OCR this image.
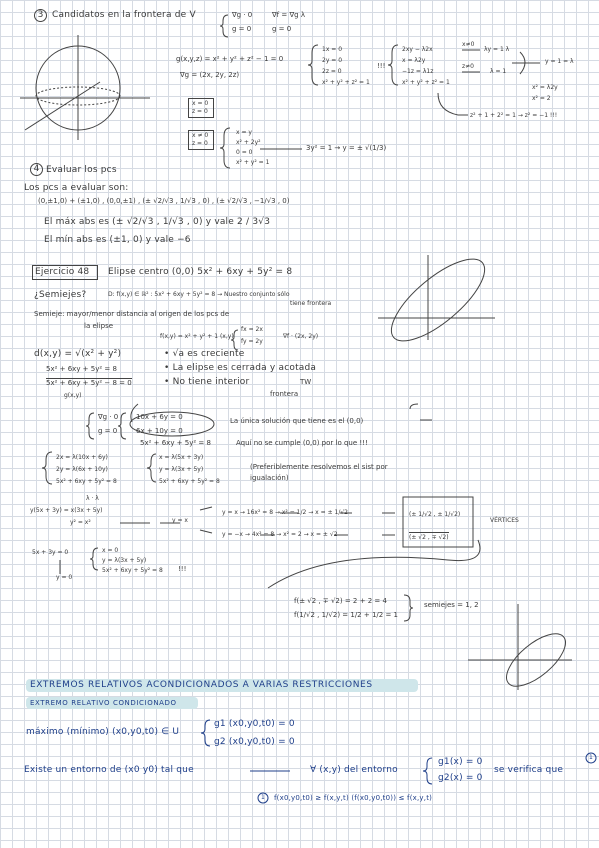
3 Candidatos en la frontera de V	∇g · 0
g = 0
∇f = ∇g λ
g = 0
g(x,y,z) = x² + y² + z² − 1 = 0
∇g = (2x, 2y, 2z)
1x = 0
2y = 0
2z = 0
x² + y² + z² = 1
!!!
2xy − λ2x
x = λ2y
−1z = λ1z
x² + y² + z² = 1
x≠0
z≠0
λy = 1 λ
λ = 1
y = 1 = λ
x² = λ2y
x² = 2
z² + 1 + 2² = 1 → z² = −1 !!!
x = 0
z = 0
x ≠ 0
z = 0
x = y
x² + 2y²
0 = 0
x² + y² = 1
3y² = 1 → y = ± √(1/3)
4 Evaluar los pcs
Los pcs a evaluar son:
(0,±1,0) + (±1,0) , (0,0,±1) , (± √2/√3 , 1/√3 , 0) , (± √2/√3 , −1/√3 , 0)
El máx abs es (± √2/√3 , 1/√3 , 0) y vale 2 / 3√3
El mín abs es (±1, 0) y vale −6
Ejercicio 48 Elipse centro (0,0) 5x² + 6xy + 5y² = 8
¿Semiejes?	D: f(x,y) ∈ ℝ² : 5x² + 6xy + 5y² = 8 → Nuestro conjunto sólo
tiene frontera
Semieje: mayor/menor distancia al origen de los pcs de
la elipse
f(x,y) = x² + y² + 1 (x,y)
fx = 2x
fy = 2y
∇f · (2x, 2y)
d(x,y) = √(x² + y²)	• √a es creciente
• La elipse es cerrada y acotada
• No tiene interior	TW
frontera
5x² + 6xy + 5y² = 8
5x² + 6xy + 5y² − 8 = 0
g(x,y)
∇g · 0
g = 0
10x + 6y = 0
6x + 10y = 0
La única solución que tiene es el (0,0)
5x² + 6xy + 5y² = 8	Aquí no se cumple (0,0) por lo que !!!
2x = λ(10x + 6y)
2y = λ(6x + 10y)
5x² + 6xy + 5y² = 8
x = λ(5x + 3y)
y = λ(3x + 5y)
5x² + 6xy + 5y² = 8
(Preferiblemente resolvemos el sist por igualación)
λ · λ
y(5x + 3y) = x(3x + 5y)
y² = x²	y = x
y = x → 16x² = 8 → x² = 1/2 → x = ± 1/√2
y = −x → 4x² = 8 → x² = 2 → x = ± √2
(± 1/√2 , ± 1/√2)
(± √2 , ∓ √2)
VÉRTICES
5x + 3y = 0
y = 0
x = 0
y = λ(3x + 5y)
5x² + 6xy + 5y² = 8 !!!
f(± √2 , ∓ √2) = 2 + 2 = 4
f(1/√2 , 1/√2) = 1/2 + 1/2 = 1
semiejes = 1, 2
EXTREMOS RELATIVOS ACONDICIONADOS A VARIAS RESTRICCIONES
EXTREMO RELATIVO CONDICIONADO
máximo (mínimo) (x0,y0,t0) ∈ U
g1 (x0,y0,t0) = 0
g2 (x0,y0,t0) = 0
Existe un entorno de (x0 y0) tal que	∀ (x,y) del entorno
g1(x) = 0
g2(x) = 0
se verifica que
1
1 f(x0,y0,t0) ≥ f(x,y,t) (f(x0,y0,t0)) ≤ f(x,y,t)
